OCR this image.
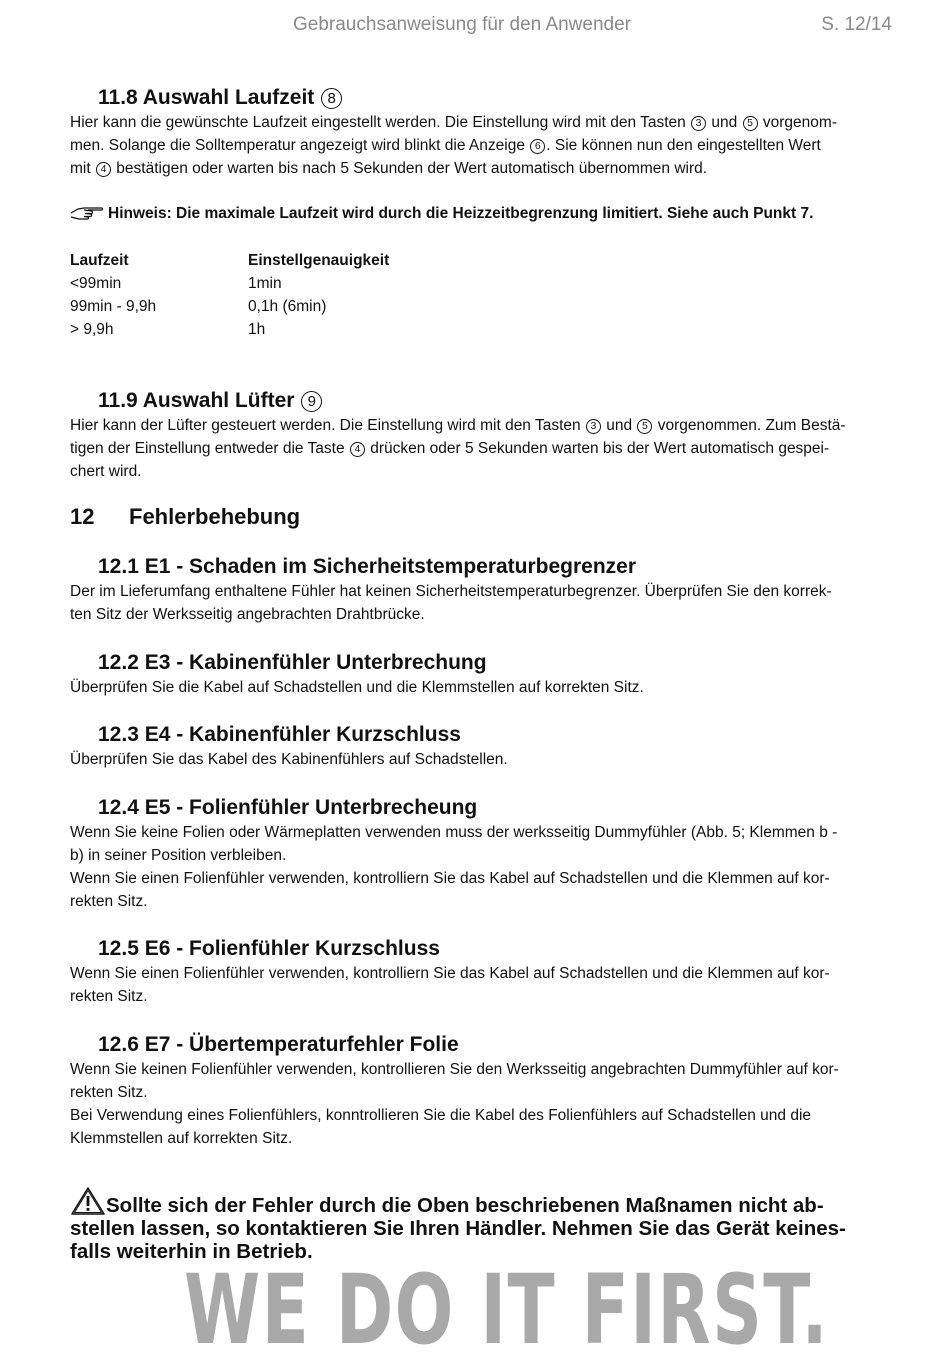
Gebrauchsanweisung für den Anwender	S. 12/14
11.8 Auswahl Laufzeit 8

Hier kann die gewünschte Laufzeit eingestellt werden. Die Einstellung wird mit den Tasten 3 und 5 vorgenom-

men. Solange die Solltemperatur angezeigt wird blinkt die Anzeige 6 . Sie können nun den eingestellten Wert

mit 4 bestätigen oder warten bis nach 5 Sekunden der Wert automatisch übernommen wird.

Hinweis: Die maximale Laufzeit wird durch die Heizzeitbegrenzung limitiert. Siehe auch Punkt 7.
Laufzeit	Einstellgenauigkeit
<99min	1min
99min - 9,9h	0,1h (6min)
> 9,9h	1h
11.9 Auswahl Lüfter 9

Hier kann der Lüfter gesteuert werden. Die Einstellung wird mit den Tasten 3 und 5 vorgenommen. Zum Bestä-

tigen der Einstellung entweder die Taste 4 drücken oder 5 Sekunden warten bis der Wert automatisch gespei-

chert wird.

12 Fehlerbehebung
12.1 E1 - Schaden im Sicherheitstemperaturbegrenzer

Der im Lieferumfang enthaltene Fühler hat keinen Sicherheitstemperaturbegrenzer. Überprüfen Sie den korrek-

ten Sitz der Werksseitig angebrachten Drahtbrücke.

12.2 E3 - Kabinenfühler Unterbrechung

Überprüfen Sie die Kabel auf Schadstellen und die Klemmstellen auf korrekten Sitz.

12.3 E4 - Kabinenfühler Kurzschluss

Überprüfen Sie das Kabel des Kabinenfühlers auf Schadstellen.

12.4 E5 - Folienfühler Unterbrecheung

Wenn Sie keine Folien oder Wärmeplatten verwenden muss der werksseitig Dummyfühler (Abb. 5; Klemmen b -

b) in seiner Position verbleiben.

Wenn Sie einen Folienfühler verwenden, kontrolliern Sie das Kabel auf Schadstellen und die Klemmen auf kor-

rekten Sitz.

12.5 E6 - Folienfühler Kurzschluss

Wenn Sie einen Folienfühler verwenden, kontrolliern Sie das Kabel auf Schadstellen und die Klemmen auf kor-

rekten Sitz.

12.6 E7 - Übertemperaturfehler Folie

Wenn Sie keinen Folienfühler verwenden, kontrollieren Sie den Werksseitig angebrachten Dummyfühler auf kor-

rekten Sitz.

Bei Verwendung eines Folienfühlers, konntrollieren Sie die Kabel des Folienfühlers auf Schadstellen und die

Klemmstellen auf korrekten Sitz.

Sollte sich der Fehler durch die Oben beschriebenen Maßnamen nicht ab-
stellen lassen, so kontaktieren Sie Ihren Händler. Nehmen Sie das Gerät keines-
falls weiterhin in Betrieb.
WE DO IT FIRST.
